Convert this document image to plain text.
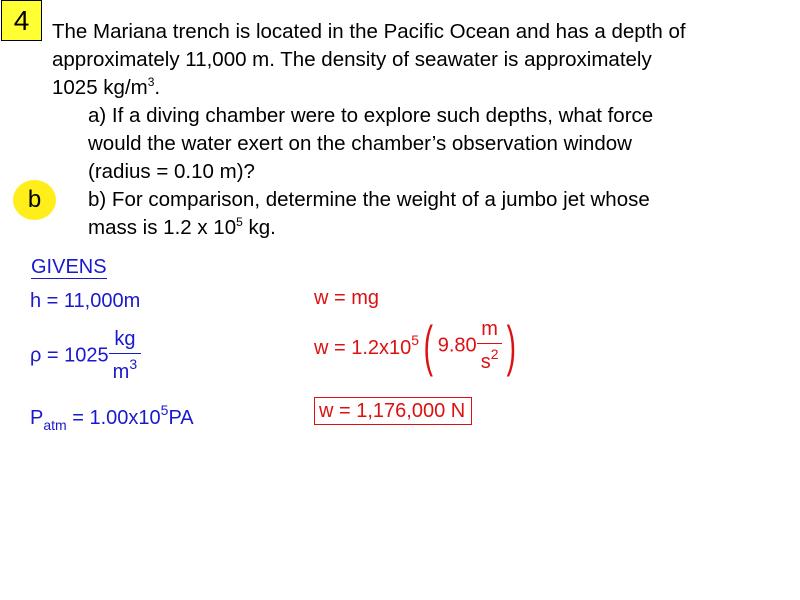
4	The Mariana trench is located in the Pacific Ocean and has a depth of

approximately 11,000 m. The density of seawater is approximately

1025 $kg/m^3$.

a) If a diving chamber were to explore such depths, what force

would the water exert on the chamber’s observation window

(radius = 0.10 m)?

b) For comparison, determine the weight of a jumbo jet whose

mass is 1.2 x $10^5$ kg.

b
GIVENS
h = 11,000m
$\rho = 1025 \frac{kg}{m^3}$
$P_{atm} = 1.00x10^5PA$
w = mg
$w = 1.2x10^5$( $9.80 \frac{m}{s^2}$ )
w = 1,176,000 N
